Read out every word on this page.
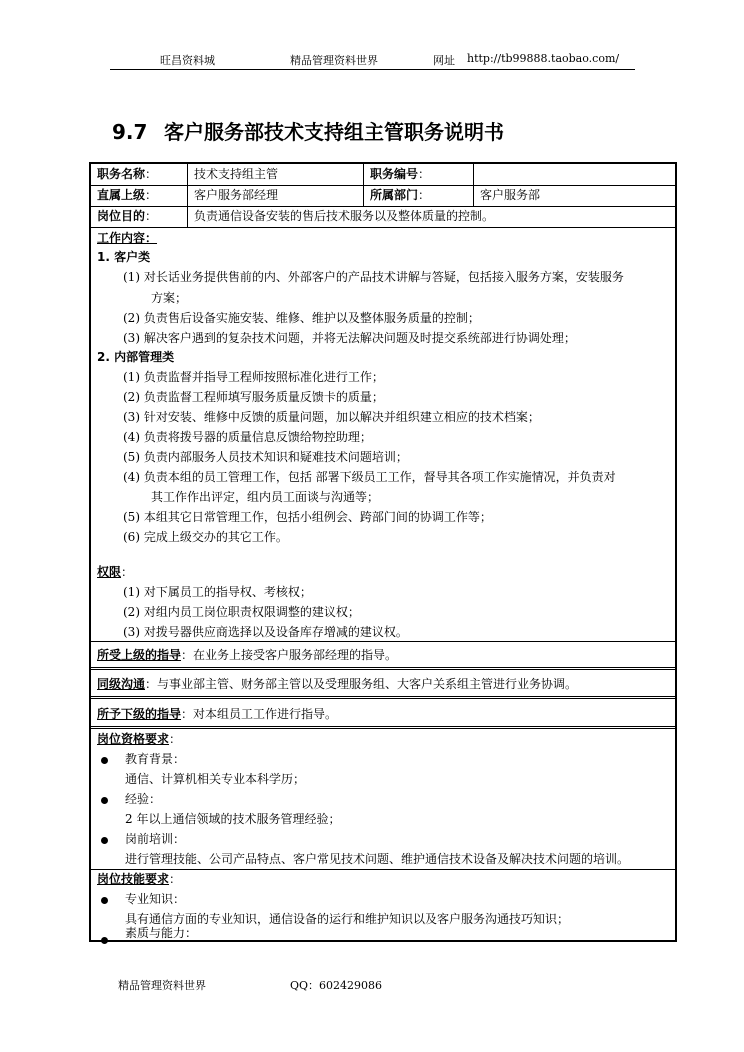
旺昌资料城	精品管理资料世界	网址 http://tb99888.taobao.com/
9.7 客户服务部技术支持组主管职务说明书
职务名称：	技术支持组主管	职务编号：
直属上级：	客户服务部经理	所属部门：	客户服务部
岗位目的：	负责通信设备安装的售后技术服务以及整体质量的控制。
工作内容：
1. 客户类
(1) 对长话业务提供售前的内、外部客户的产品技术讲解与答疑，包括接入服务方案，安装服务
方案；
(2) 负责售后设备实施安装、维修、维护以及整体服务质量的控制；
(3) 解决客户遇到的复杂技术问题，并将无法解决问题及时提交系统部进行协调处理；
2. 内部管理类
(1) 负责监督并指导工程师按照标准化进行工作；
(2) 负责监督工程师填写服务质量反馈卡的质量；
(3) 针对安装、维修中反馈的质量问题，加以解决并组织建立相应的技术档案；
(4) 负责将拨号器的质量信息反馈给物控助理；
(5) 负责内部服务人员技术知识和疑难技术问题培训；
(4) 负责本组的员工管理工作，包括 部署下级员工工作，督导其各项工作实施情况，并负责对
其工作作出评定，组内员工面谈与沟通等；
(5) 本组其它日常管理工作，包括小组例会、跨部门间的协调工作等；
(6) 完成上级交办的其它工作。
权限：
(1) 对下属员工的指导权、考核权；
(2) 对组内员工岗位职责权限调整的建议权；
(3) 对拨号器供应商选择以及设备库存增减的建议权。
所受上级的指导：在业务上接受客户服务部经理的指导。
同级沟通：与事业部主管、财务部主管以及受理服务组、大客户关系组主管进行业务协调。
所予下级的指导：对本组员工工作进行指导。
岗位资格要求：
教育背景：
通信、计算机相关专业本科学历；
经验：
2 年以上通信领域的技术服务管理经验；
岗前培训：
进行管理技能、公司产品特点、客户常见技术问题、维护通信技术设备及解决技术问题的培训。
岗位技能要求：
专业知识：
具有通信方面的专业知识，通信设备的运行和维护知识以及客户服务沟通技巧知识；
素质与能力：
精品管理资料世界	QQ：602429086
